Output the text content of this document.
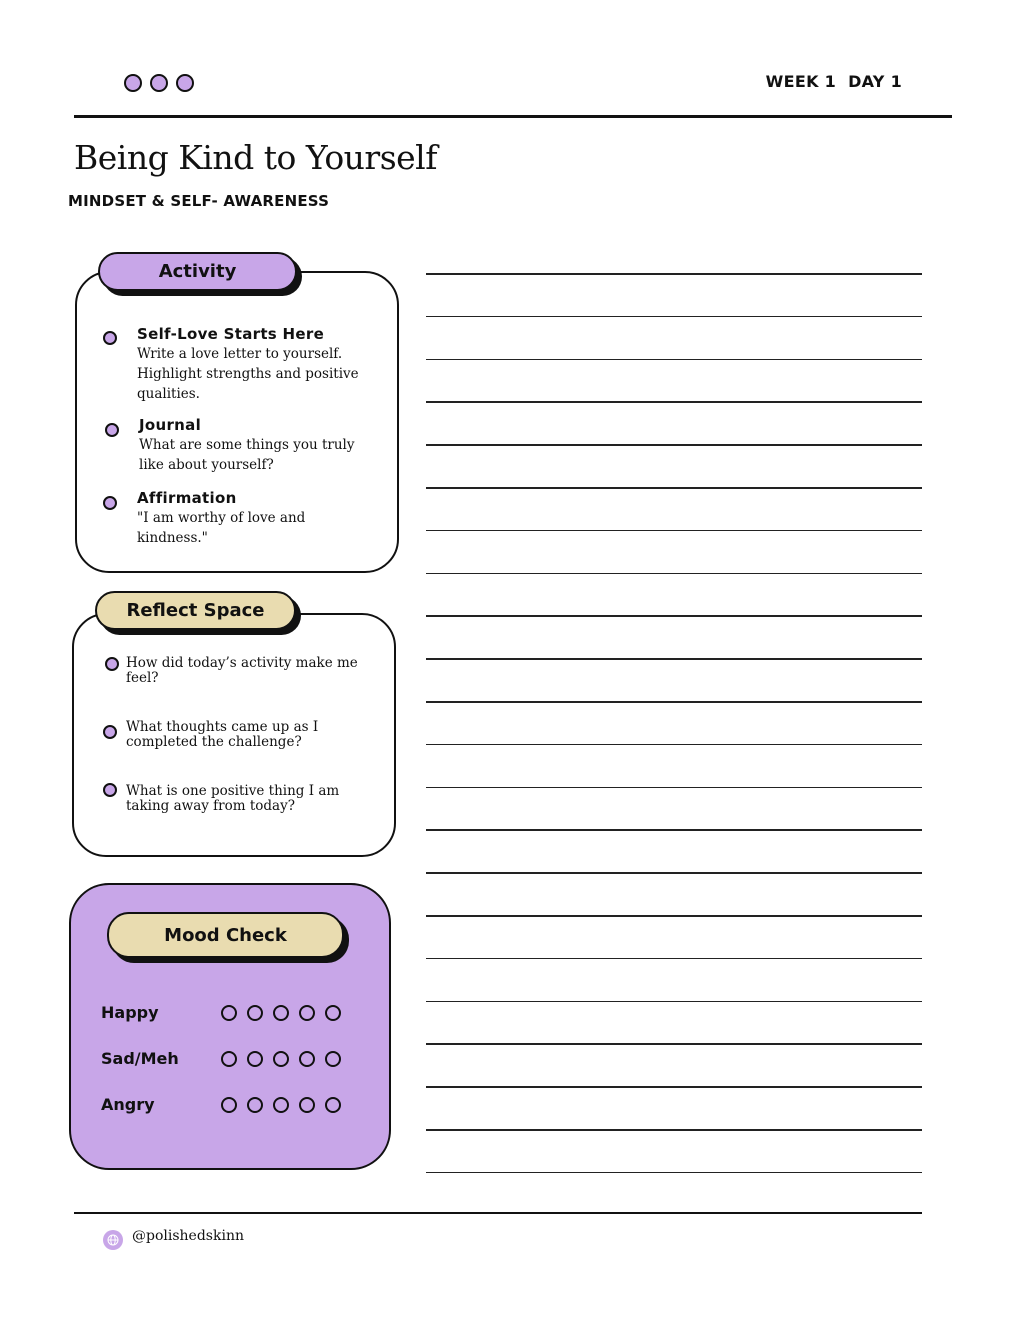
WEEK 1 DAY 1
Being Kind to Yourself
MINDSET & SELF- AWARENESS
Self-Love Starts Here
Write a love letter to yourself. Highlight strengths and positive qualities.
Journal
What are some things you truly like about yourself?
Affirmation
"I am worthy of love and kindness."
Activity
How did today’s activity make me feel?
What thoughts came up as I completed the challenge?
What is one positive thing I am taking away from today?
Reflect Space
Mood Check
Happy
Sad/Meh
Angry
@polishedskinn
